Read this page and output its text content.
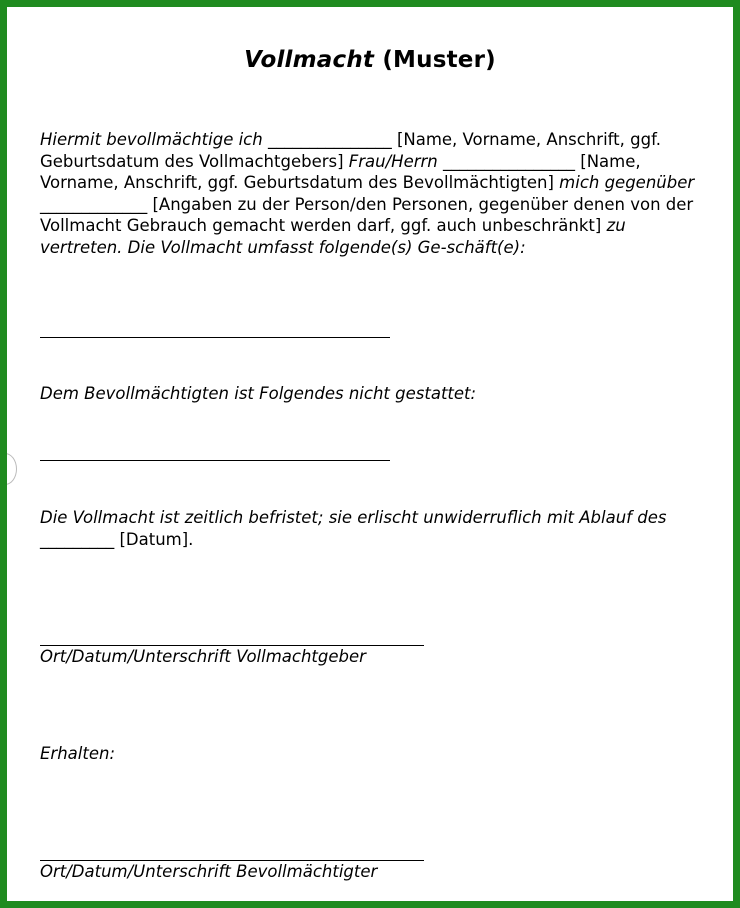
Vollmacht (Muster)
Hiermit bevollmächtige ich _______________ [Name, Vorname, Anschrift, ggf. Geburtsdatum des Vollmachtgebers] Frau/Herrn ________________ [Name, Vorname, Anschrift, ggf. Geburtsdatum des Bevollmächtigten] mich gegenüber _____________ [Angaben zu der Person/den Personen, gegenüber denen von der Vollmacht Gebrauch gemacht werden darf, ggf. auch unbeschränkt] zu vertreten. Die Vollmacht umfasst folgende(s) Ge-schäft(e):
Dem Bevollmächtigten ist Folgendes nicht gestattet:
Die Vollmacht ist zeitlich befristet; sie erlischt unwiderruflich mit Ablauf des _________ [Datum].
Ort/Datum/Unterschrift Vollmachtgeber
Erhalten:
Ort/Datum/Unterschrift Bevollmächtigter
